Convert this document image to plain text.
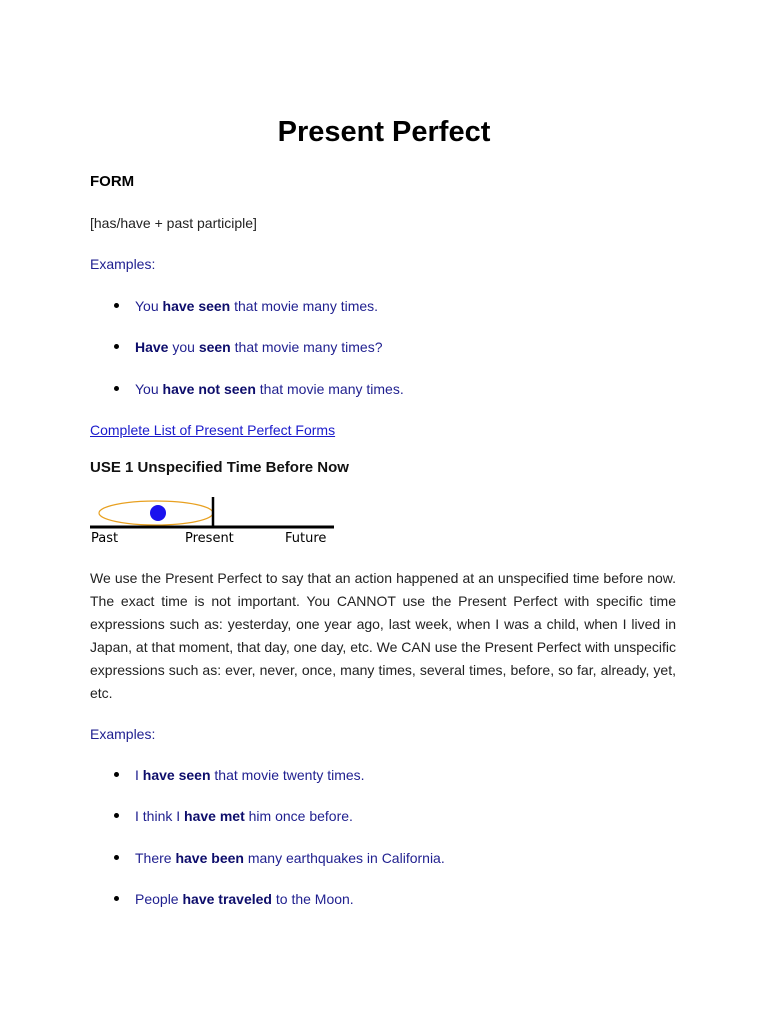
Present Perfect
FORM
[has/have + past participle]
Examples:
You have seen that movie many times.
Have you seen that movie many times?
You have not seen that movie many times.
Complete List of Present Perfect Forms
USE 1 Unspecified Time Before Now
Past	Present	Future

We use the Present Perfect to say that an action happened at an unspecified time before now. The exact time is not important. You CANNOT use the Present Perfect with specific time expressions such as: yesterday, one year ago, last week, when I was a child, when I lived in Japan, at that moment, that day, one day, etc. We CAN use the Present Perfect with unspecific expressions such as: ever, never, once, many times, several times, before, so far, already, yet, etc.

Examples:
I have seen that movie twenty times.
I think I have met him once before.
There have been many earthquakes in California.
People have traveled to the Moon.
